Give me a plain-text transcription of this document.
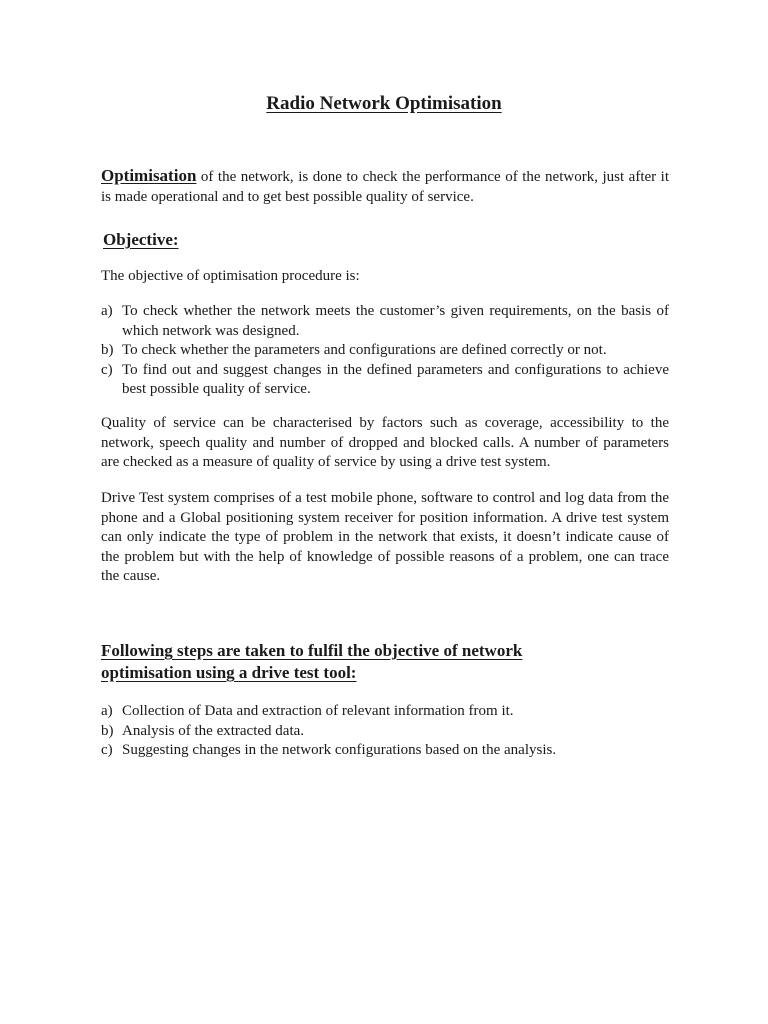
Radio Network Optimisation

Optimisation of the network, is done to check the performance of the network, just after it is made operational and to get best possible quality of service.

Objective:

The objective of optimisation procedure is:

a) To check whether the network meets the customer’s given requirements, on the basis of which network was designed.
b) To check whether the parameters and configurations are defined correctly or not.
c) To find out and suggest changes in the defined parameters and configurations to achieve best possible quality of service.

Quality of service can be characterised by factors such as coverage, accessibility to the network, speech quality and number of dropped and blocked calls. A number of parameters are checked as a measure of quality of service by using a drive test system.

Drive Test system comprises of a test mobile phone, software to control and log data from the phone and a Global positioning system receiver for position information. A drive test system can only indicate the type of problem in the network that exists, it doesn’t indicate cause of the problem but with the help of knowledge of possible reasons of a problem, one can trace the cause.

Following steps are taken to fulfil the objective of network
optimisation using a drive test tool:
a) Collection of Data and extraction of relevant information from it.
b) Analysis of the extracted data.
c) Suggesting changes in the network configurations based on the analysis.
